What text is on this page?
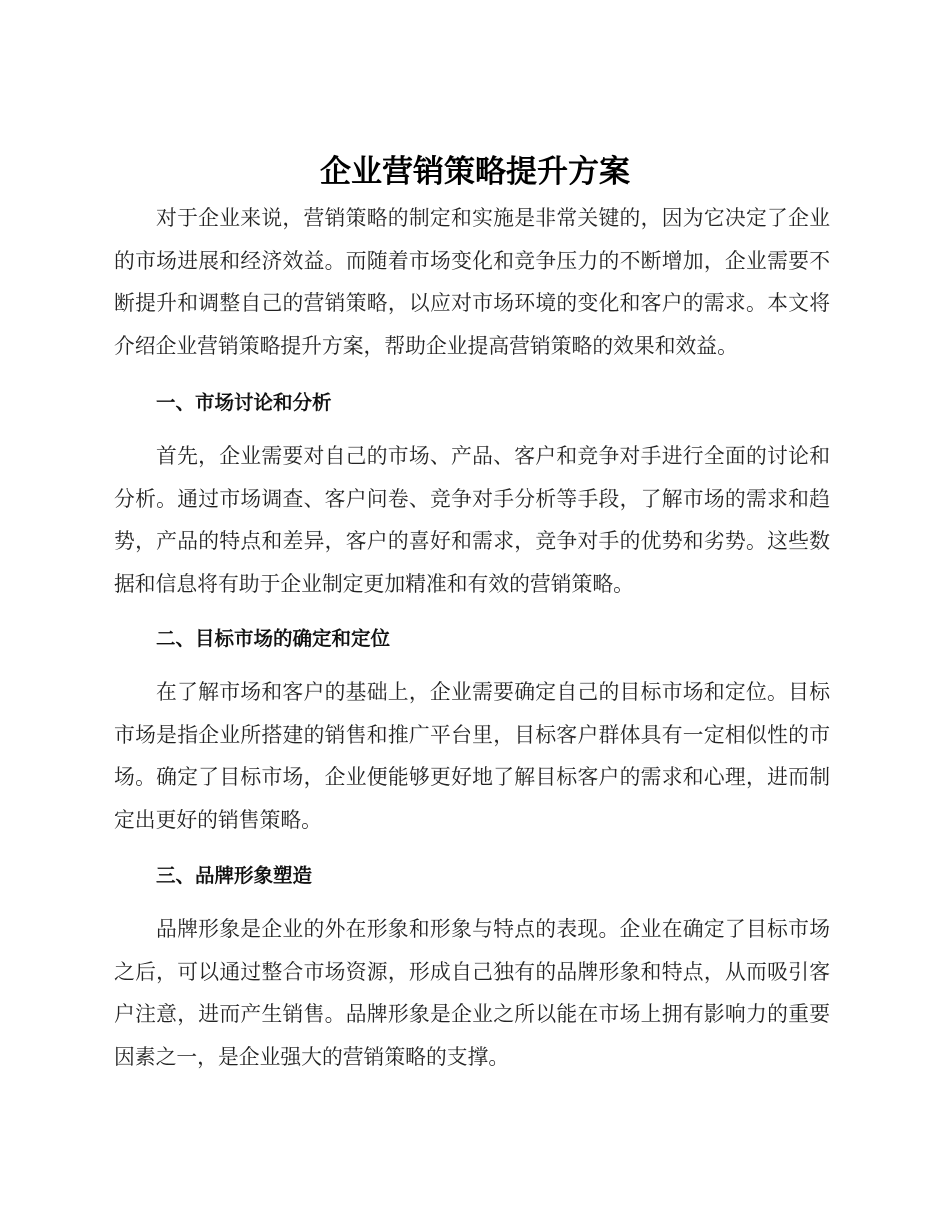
企业营销策略提升方案

对于企业来说，营销策略的制定和实施是非常关键的，因为它决定了企业的市场进展和经济效益。而随着市场变化和竞争压力的不断增加，企业需要不断提升和调整自己的营销策略，以应对市场环境的变化和客户的需求。本文将介绍企业营销策略提升方案，帮助企业提高营销策略的效果和效益。

一、市场讨论和分析

首先，企业需要对自己的市场、产品、客户和竞争对手进行全面的讨论和分析。通过市场调查、客户问卷、竞争对手分析等手段，了解市场的需求和趋势，产品的特点和差异，客户的喜好和需求，竞争对手的优势和劣势。这些数据和信息将有助于企业制定更加精准和有效的营销策略。

二、目标市场的确定和定位

在了解市场和客户的基础上，企业需要确定自己的目标市场和定位。目标市场是指企业所搭建的销售和推广平台里，目标客户群体具有一定相似性的市场。确定了目标市场，企业便能够更好地了解目标客户的需求和心理，进而制定出更好的销售策略。

三、品牌形象塑造

品牌形象是企业的外在形象和形象与特点的表现。企业在确定了目标市场之后，可以通过整合市场资源，形成自己独有的品牌形象和特点，从而吸引客户注意，进而产生销售。品牌形象是企业之所以能在市场上拥有影响力的重要因素之一，是企业强大的营销策略的支撑。
